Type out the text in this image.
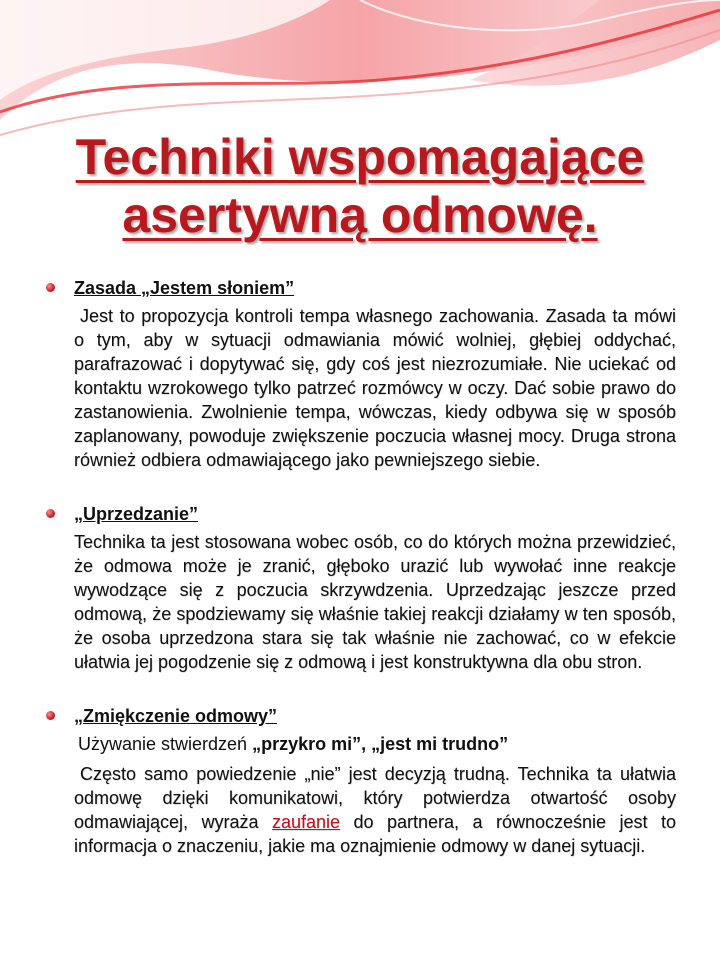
Techniki wspomagające
asertywną odmowę.
Zasada „Jestem słoniem”
Jest to propozycja kontroli tempa własnego zachowania. Zasada ta mówi o tym, aby w sytuacji odmawiania mówić wolniej, głębiej oddychać, parafrazować i dopytywać się, gdy coś jest niezrozumiałe. Nie uciekać od kontaktu wzrokowego tylko patrzeć rozmówcy w oczy. Dać sobie prawo do zastanowienia. Zwolnienie tempa, wówczas, kiedy odbywa się w sposób zaplanowany, powoduje zwiększenie poczucia własnej mocy. Druga strona również odbiera odmawiającego jako pewniejszego siebie.
„Uprzedzanie”
Technika ta jest stosowana wobec osób, co do których można przewidzieć, że odmowa może je zranić, głęboko urazić lub wywołać inne reakcje wywodzące się z poczucia skrzywdzenia. Uprzedzając jeszcze przed odmową, że spodziewamy się właśnie takiej reakcji działamy w ten sposób, że osoba uprzedzona stara się tak właśnie nie zachować, co w efekcie ułatwia jej pogodzenie się z odmową i jest konstruktywna dla obu stron.
„Zmiękczenie odmowy”
Używanie stwierdzeń „przykro mi”, „jest mi trudno”
Często samo powiedzenie „nie” jest decyzją trudną. Technika ta ułatwia odmowę dzięki komunikatowi, który potwierdza otwartość osoby odmawiającej, wyraża zaufanie do partnera, a równocześnie jest to informacja o znaczeniu, jakie ma oznajmienie odmowy w danej sytuacji.
